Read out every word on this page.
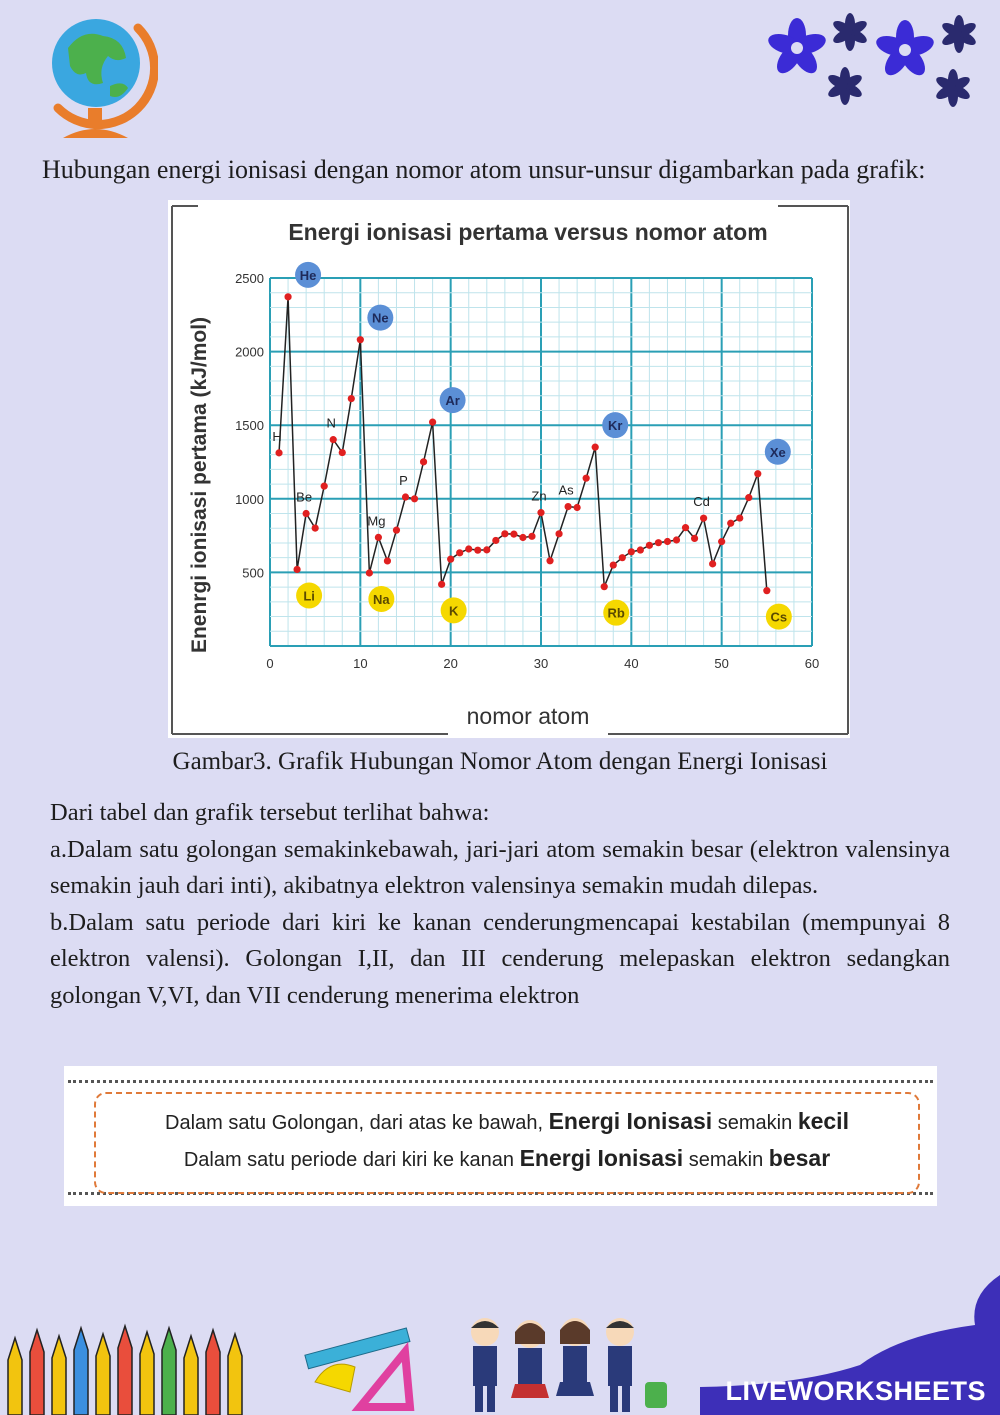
Hubungan energi ionisasi dengan nomor atom unsur-unsur digambarkan pada grafik:

Energi ionisasi pertama versus nomor atom
nomor atom
Enenrgi ionisasi pertama (kJ/mol)
0	10	20	30	40	50	60
500
1000
1500
2000
2500
H
He
Li
Be
N
Ne
Na
Mg
P
Ar
K
Zn As
Kr
Rb
Cd
Xe
Cs

Gambar3. Grafik Hubungan Nomor Atom dengan Energi Ionisasi

Dari tabel dan grafik tersebut terlihat bahwa:

a.Dalam satu golongan semakinkebawah, jari-jari atom semakin besar (elektron valensinya semakin jauh dari inti), akibatnya elektron valensinya semakin mudah dilepas.

b.Dalam satu periode dari kiri ke kanan cenderungmencapai kestabilan (mempunyai 8 elektron valensi). Golongan I,II, dan III cenderung melepaskan elektron sedangkan golongan V,VI, dan VII cenderung menerima elektron

Dalam satu Golongan, dari atas ke bawah, Energi Ionisasi semakin kecil
Dalam satu periode dari kiri ke kanan Energi Ionisasi semakin besar
LIVEWORKSHEETS
